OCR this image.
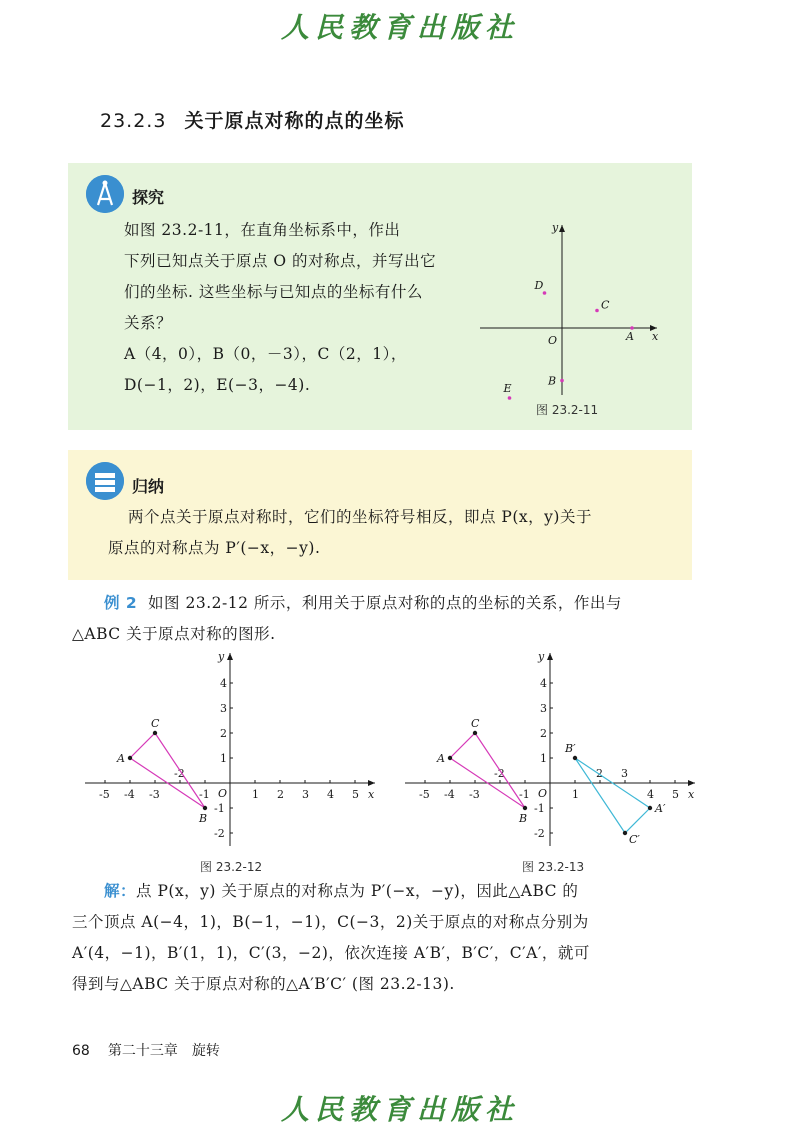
人民教育出版社
23.2.3 关于原点对称的点的坐标
探究
如图 23.2-11，在直角坐标系中，作出
下列已知点关于原点 O 的对称点，并写出它
们的坐标. 这些坐标与已知点的坐标有什么
关系？
A（4，0），B（0，－3），C（2，1），
D(−1，2)，E(−3，−4).
x
y
O	A
B
C
D
E
图 23.2-11
归纳
两个点关于原点对称时，它们的坐标符号相反，即点 P(x，y)关于
原点的对称点为 P′(−x，−y).
例 2 如图 23.2-12 所示，利用关于原点对称的点的坐标的关系，作出与
△ABC 关于原点对称的图形.
x
y
O
-5 -4 -3
-2
-1	1 2 3 4 5
-2
-1
1
2
3
4
A
B
C
图 23.2-12
x
y
O
-5 -4 -3
-2
-1	1
2 3
4 5
-2
-1
1
2
3
4
A
B
C
A′
B′
C′
图 23.2-13
解：点 P(x，y) 关于原点的对称点为 P′(−x，−y)，因此△ABC 的
三个顶点 A(−4，1)，B(−1，−1)，C(−3，2)关于原点的对称点分别为
A′(4，−1)，B′(1，1)，C′(3，−2)，依次连接 A′B′，B′C′，C′A′，就可
得到与△ABC 关于原点对称的△A′B′C′ (图 23.2-13).
68 第二十三章　旋转
人民教育出版社
